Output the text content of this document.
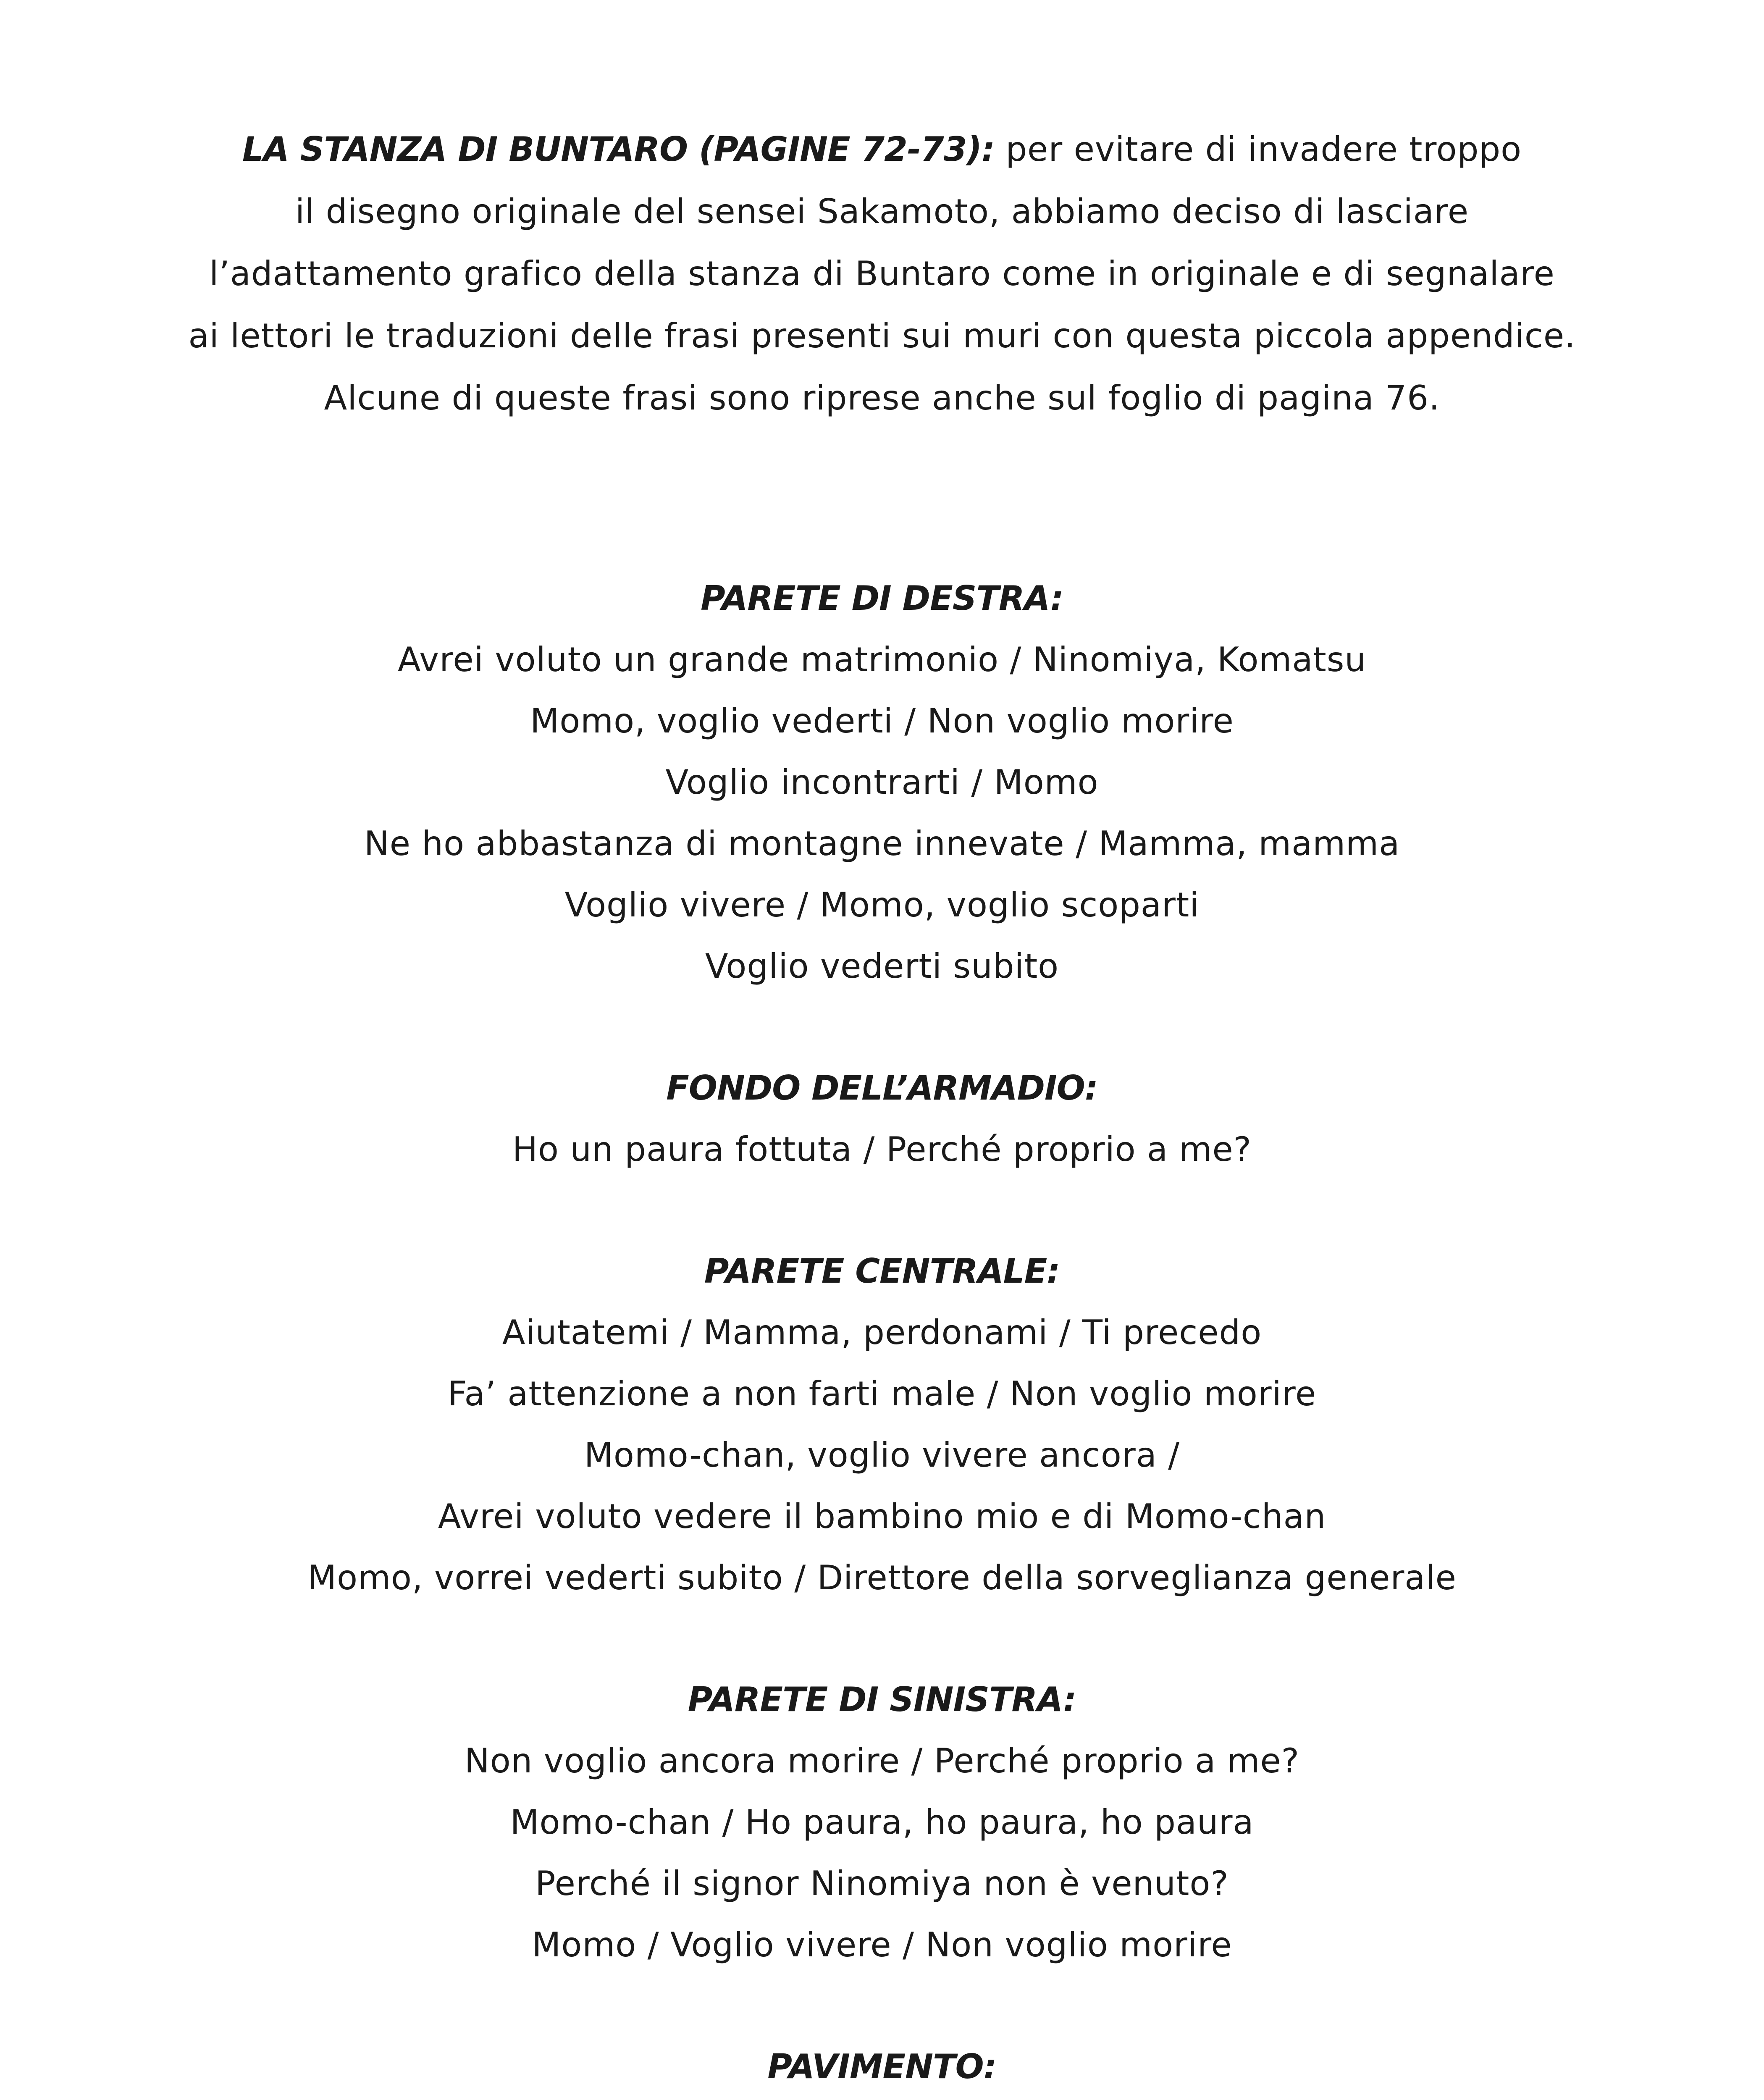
LA STANZA DI BUNTARO (PAGINE 72-73): per evitare di invadere troppo

il disegno originale del sensei Sakamoto, abbiamo deciso di lasciare

l’adattamento grafico della stanza di Buntaro come in originale e di segnalare

ai lettori le traduzioni delle frasi presenti sui muri con questa piccola appendice.

Alcune di queste frasi sono riprese anche sul foglio di pagina 76.

PARETE DI DESTRA:

Avrei voluto un grande matrimonio / Ninomiya, Komatsu

Momo, voglio vederti / Non voglio morire

Voglio incontrarti / Momo

Ne ho abbastanza di montagne innevate / Mamma, mamma

Voglio vivere / Momo, voglio scoparti

Voglio vederti subito

FONDO DELL’ARMADIO:

Ho un paura fottuta / Perché proprio a me?

PARETE CENTRALE:

Aiutatemi / Mamma, perdonami / Ti precedo

Fa’ attenzione a non farti male / Non voglio morire

Momo-chan, voglio vivere ancora /

Avrei voluto vedere il bambino mio e di Momo-chan

Momo, vorrei vederti subito / Direttore della sorveglianza generale

PARETE DI SINISTRA:

Non voglio ancora morire / Perché proprio a me?

Momo-chan / Ho paura, ho paura, ho paura

Perché il signor Ninomiya non è venuto?

Momo / Voglio vivere / Non voglio morire

PAVIMENTO:
